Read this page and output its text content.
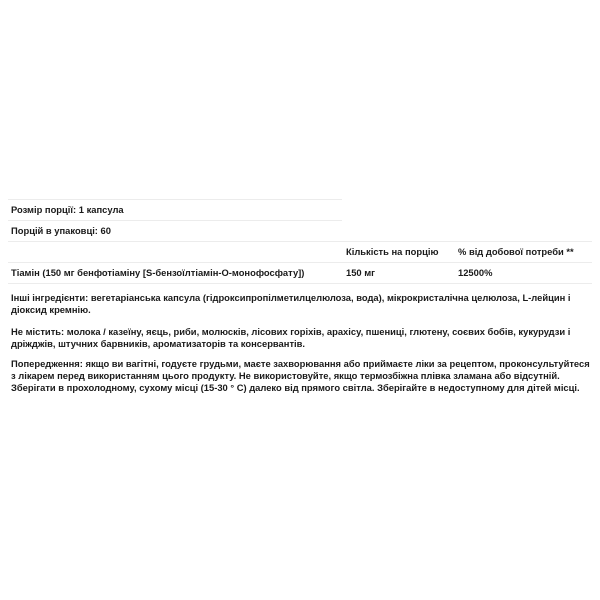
Розмір порції: 1 капсула
Порцій в упаковці: 60
Кількість на порцію % від добової потреби **
Тіамін (150 мг бенфотіаміну [S-бензоїлтіамін-O-монофосфату])	150 мг	12500%

Інші інгредієнти: вегетаріанська капсула (гідроксипропілметилцелюлоза, вода), мікрокристалічна целюлоза, L-лейцин і діоксид кремнію.

Не містить: молока / казеїну, яєць, риби, молюсків, лісових горіхів, арахісу, пшениці, глютену, соєвих бобів, кукурудзи і дріжджів, штучних барвників, ароматизаторів та консервантів.

Попередження: якщо ви вагітні, годуєте грудьми, маєте захворювання або приймаєте ліки за рецептом, проконсультуйтеся з лікарем перед використанням цього продукту. Не використовуйте, якщо термозбіжна плівка зламана або відсутній. Зберігати в прохолодному, сухому місці (15-30 ° C) далеко від прямого світла. Зберігайте в недоступному для дітей місці.
